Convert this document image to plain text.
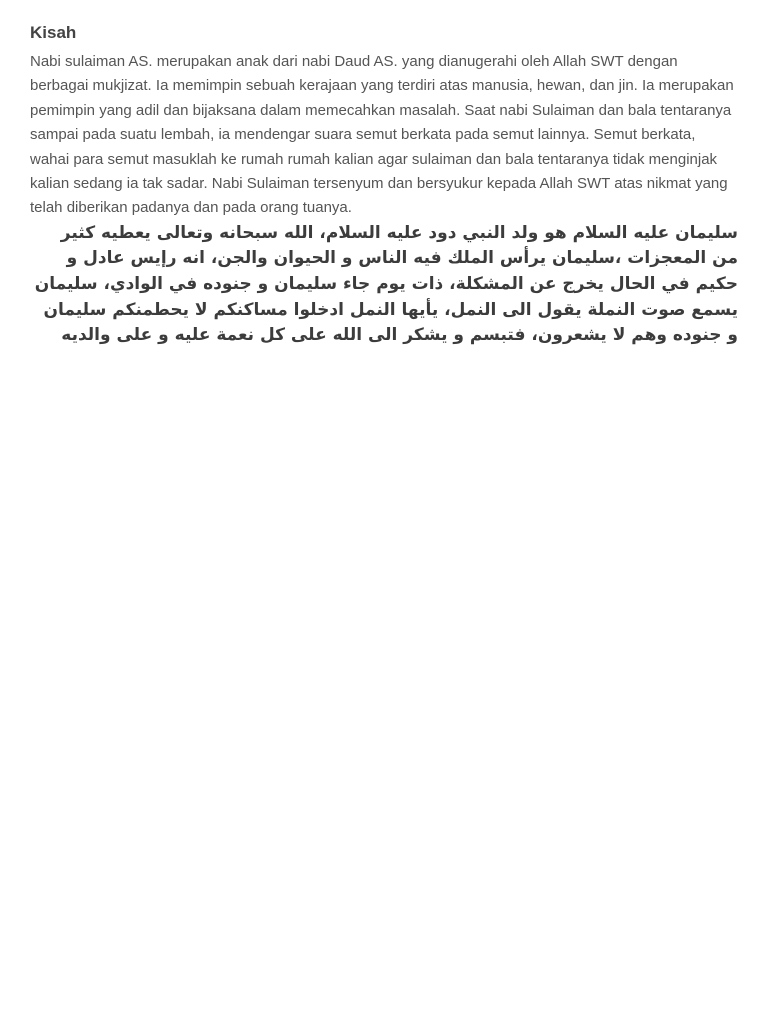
Kisah

Nabi sulaiman AS. merupakan anak dari nabi Daud AS. yang dianugerahi oleh Allah SWT dengan berbagai mukjizat. Ia memimpin sebuah kerajaan yang terdiri atas manusia, hewan, dan jin. Ia merupakan pemimpin yang adil dan bijaksana dalam memecahkan masalah. Saat nabi Sulaiman dan bala tentaranya sampai pada suatu lembah, ia mendengar suara semut berkata pada semut lainnya. Semut berkata, wahai para semut masuklah ke rumah rumah kalian agar sulaiman dan bala tentaranya tidak menginjak kalian sedang ia tak sadar. Nabi Sulaiman tersenyum dan bersyukur kepada Allah SWT atas nikmat yang telah diberikan padanya dan pada orang tuanya.

سليمان عليه السلام هو ولد النبي دود عليه السلام، الله سبحانه وتعالى يعطيه كثير من المعجزات ،سليمان يرأس الملك فيه الناس و الحيوان والجن، انه رإيس عادل و حكيم في الحال يخرج عن المشكلة، ذات يوم جاء سليمان و جنوده في الوادي، سليمان يسمع صوت النملة يقول الى النمل، يأيها النمل ادخلوا مساكنكم لا يحطمنكم سليمان و جنوده وهم لا يشعرون، فتبسم و يشكر الى الله على كل نعمة عليه و على والديه
